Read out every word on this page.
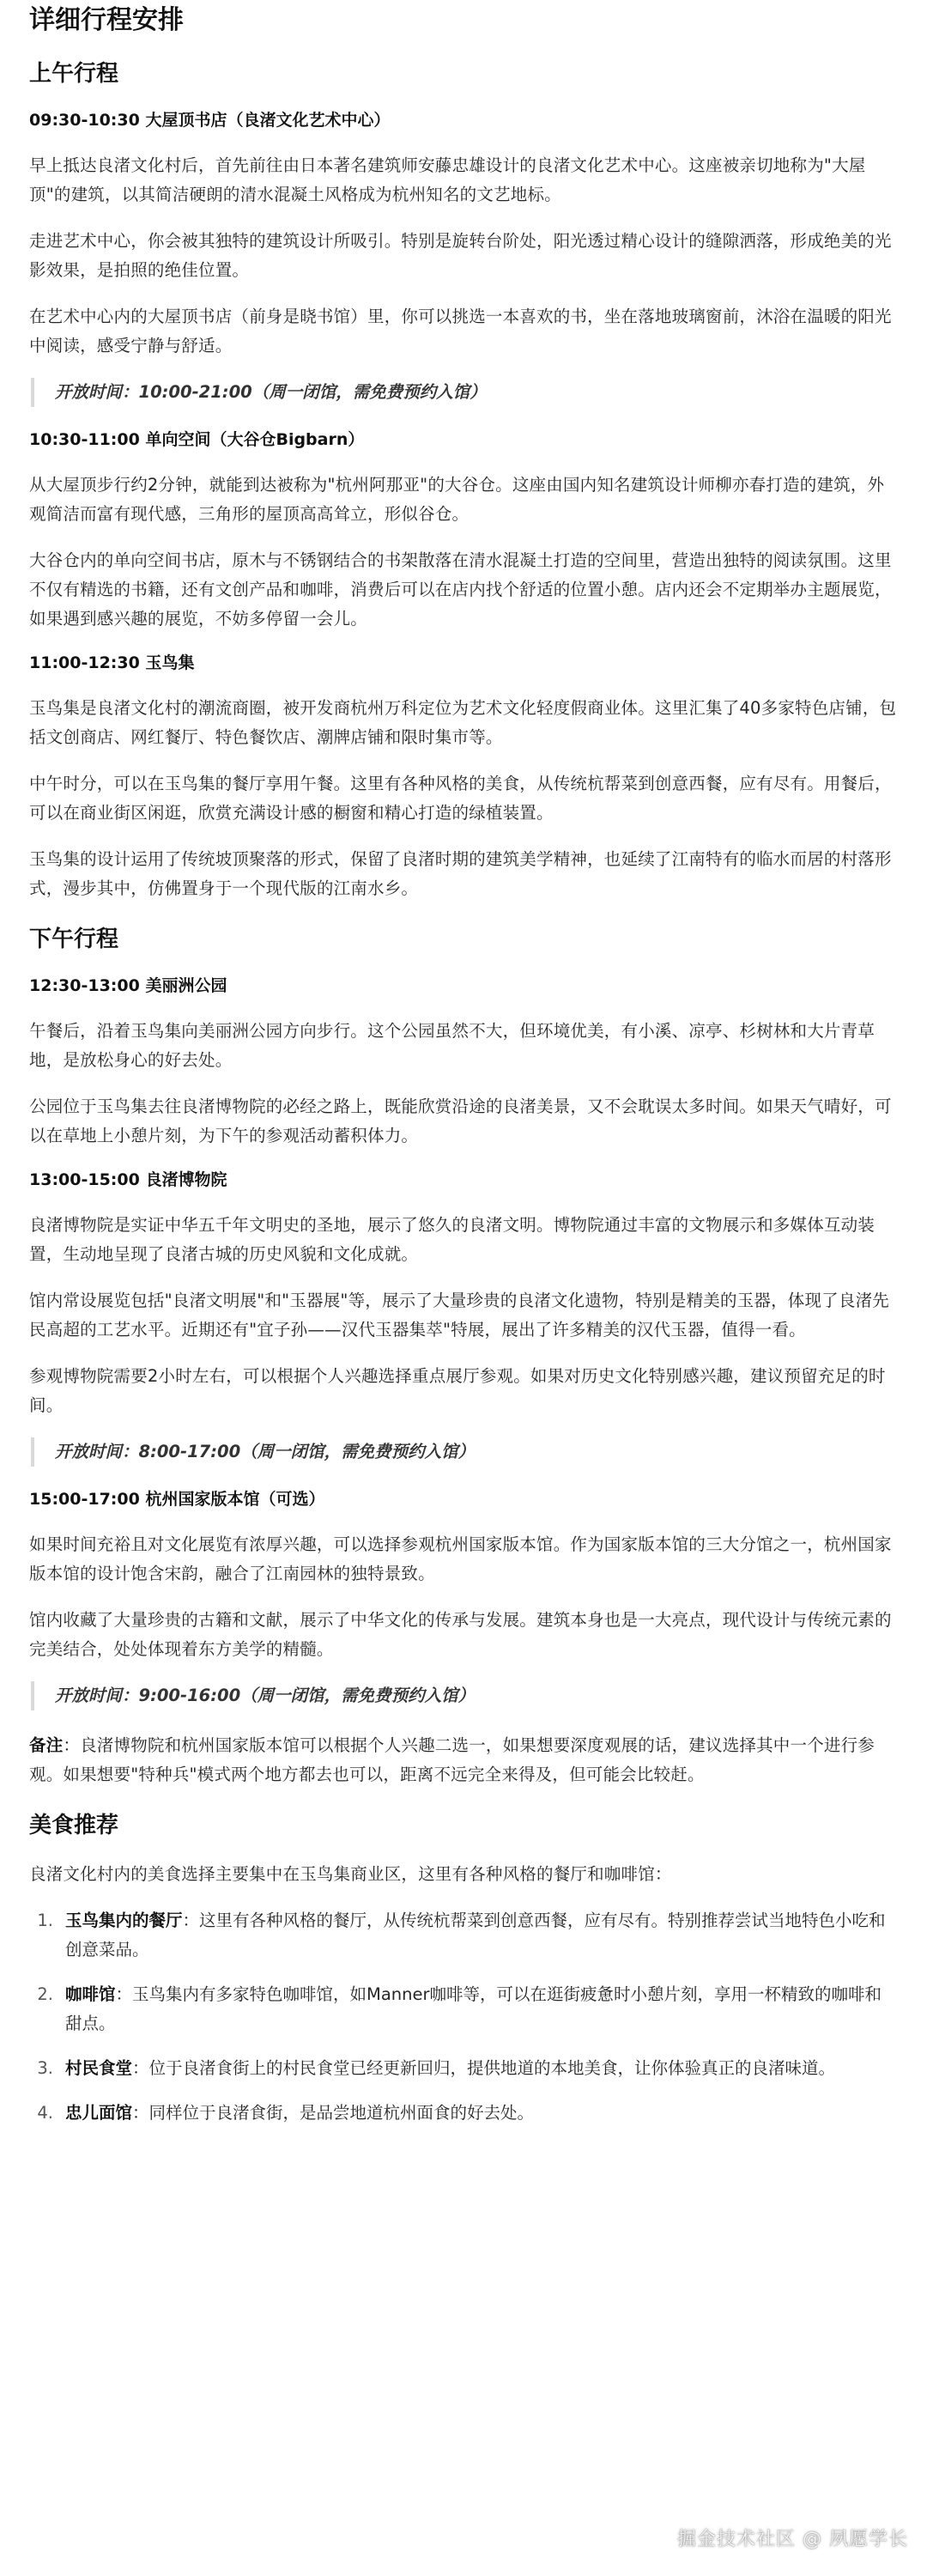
详细行程安排
上午行程
09:30-10:30 大屋顶书店（良渚文化艺术中心）

早上抵达良渚文化村后，首先前往由日本著名建筑师安藤忠雄设计的良渚文化艺术中心。这座被亲切地称为"大屋顶"的建筑，以其简洁硬朗的清水混凝土风格成为杭州知名的文艺地标。

走进艺术中心，你会被其独特的建筑设计所吸引。特别是旋转台阶处，阳光透过精心设计的缝隙洒落，形成绝美的光影效果，是拍照的绝佳位置。

在艺术中心内的大屋顶书店（前身是晓书馆）里，你可以挑选一本喜欢的书，坐在落地玻璃窗前，沐浴在温暖的阳光中阅读，感受宁静与舒适。

开放时间：10:00-21:00（周一闭馆，需免费预约入馆）
10:30-11:00 单向空间（大谷仓Bigbarn）

从大屋顶步行约2分钟，就能到达被称为"杭州阿那亚"的大谷仓。这座由国内知名建筑设计师柳亦春打造的建筑，外观简洁而富有现代感，三角形的屋顶高高耸立，形似谷仓。

大谷仓内的单向空间书店，原木与不锈钢结合的书架散落在清水混凝土打造的空间里，营造出独特的阅读氛围。这里不仅有精选的书籍，还有文创产品和咖啡，消费后可以在店内找个舒适的位置小憩。店内还会不定期举办主题展览，如果遇到感兴趣的展览，不妨多停留一会儿。

11:00-12:30 玉鸟集

玉鸟集是良渚文化村的潮流商圈，被开发商杭州万科定位为艺术文化轻度假商业体。这里汇集了40多家特色店铺，包括文创商店、网红餐厅、特色餐饮店、潮牌店铺和限时集市等。

中午时分，可以在玉鸟集的餐厅享用午餐。这里有各种风格的美食，从传统杭帮菜到创意西餐，应有尽有。用餐后，可以在商业街区闲逛，欣赏充满设计感的橱窗和精心打造的绿植装置。

玉鸟集的设计运用了传统坡顶聚落的形式，保留了良渚时期的建筑美学精神，也延续了江南特有的临水而居的村落形式，漫步其中，仿佛置身于一个现代版的江南水乡。

下午行程
12:30-13:00 美丽洲公园

午餐后，沿着玉鸟集向美丽洲公园方向步行。这个公园虽然不大，但环境优美，有小溪、凉亭、杉树林和大片青草地，是放松身心的好去处。

公园位于玉鸟集去往良渚博物院的必经之路上，既能欣赏沿途的良渚美景，又不会耽误太多时间。如果天气晴好，可以在草地上小憩片刻，为下午的参观活动蓄积体力。

13:00-15:00 良渚博物院

良渚博物院是实证中华五千年文明史的圣地，展示了悠久的良渚文明。博物院通过丰富的文物展示和多媒体互动装置，生动地呈现了良渚古城的历史风貌和文化成就。

馆内常设展览包括"良渚文明展"和"玉器展"等，展示了大量珍贵的良渚文化遗物，特别是精美的玉器，体现了良渚先民高超的工艺水平。近期还有"宜子孙——汉代玉器集萃"特展，展出了许多精美的汉代玉器，值得一看。

参观博物院需要2小时左右，可以根据个人兴趣选择重点展厅参观。如果对历史文化特别感兴趣，建议预留充足的时间。

开放时间：8:00-17:00（周一闭馆，需免费预约入馆）
15:00-17:00 杭州国家版本馆（可选）

如果时间充裕且对文化展览有浓厚兴趣，可以选择参观杭州国家版本馆。作为国家版本馆的三大分馆之一，杭州国家版本馆的设计饱含宋韵，融合了江南园林的独特景致。

馆内收藏了大量珍贵的古籍和文献，展示了中华文化的传承与发展。建筑本身也是一大亮点，现代设计与传统元素的完美结合，处处体现着东方美学的精髓。

开放时间：9:00-16:00（周一闭馆，需免费预约入馆）

备注：良渚博物院和杭州国家版本馆可以根据个人兴趣二选一，如果想要深度观展的话，建议选择其中一个进行参观。如果想要"特种兵"模式两个地方都去也可以，距离不远完全来得及，但可能会比较赶。

美食推荐

良渚文化村内的美食选择主要集中在玉鸟集商业区，这里有各种风格的餐厅和咖啡馆：

1. 玉鸟集内的餐厅：这里有各种风格的餐厅，从传统杭帮菜到创意西餐，应有尽有。特别推荐尝试当地特色小吃和创意菜品。
2. 咖啡馆：玉鸟集内有多家特色咖啡馆，如Manner咖啡等，可以在逛街疲惫时小憩片刻，享用一杯精致的咖啡和甜点。
3. 村民食堂：位于良渚食街上的村民食堂已经更新回归，提供地道的本地美食，让你体验真正的良渚味道。
4. 忠儿面馆：同样位于良渚食街，是品尝地道杭州面食的好去处。
掘金技术社区 @ 夙愿学长
